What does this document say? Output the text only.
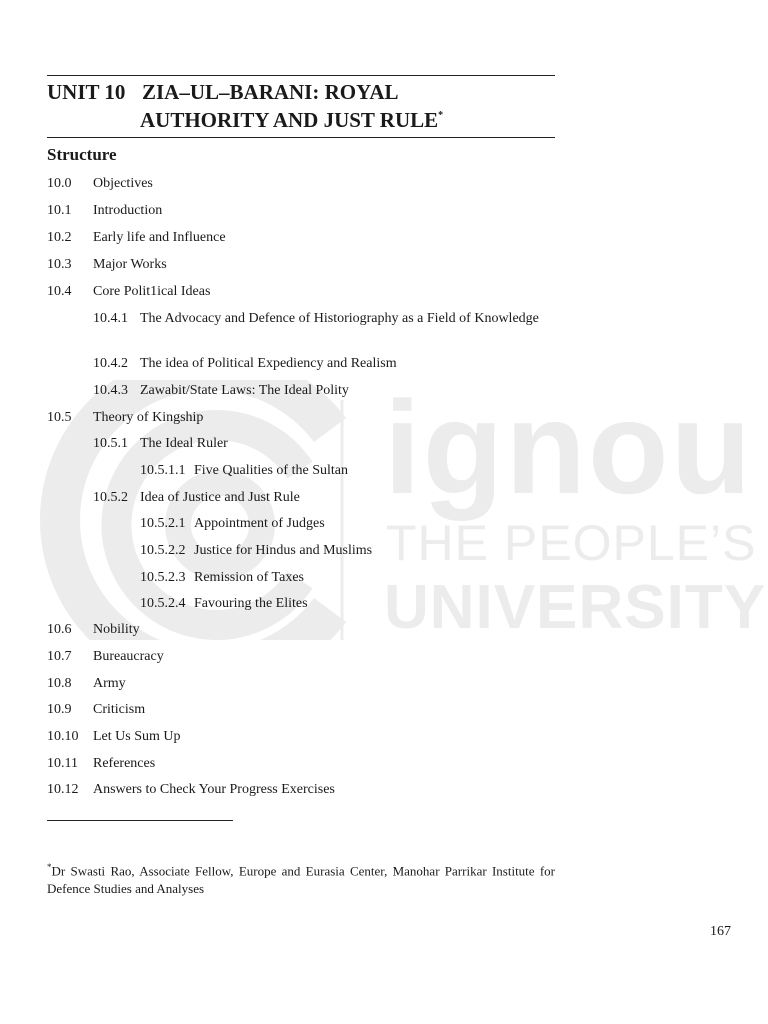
ignou
THE PEOPLE’S
UNIVERSITY
UNIT 10 ZIA–UL–BARANI: ROYAL
AUTHORITY AND JUST RULE*
Structure
10.0	Objectives
10.1	Introduction
10.2	Early life and Influence
10.3	Major Works
10.4	Core Polit1ical Ideas
10.4.1 The Advocacy and Defence of Historiography as a Field of Knowledge
10.4.2 The idea of Political Expediency and Realism
10.4.3 Zawabit/State Laws: The Ideal Polity
10.5	Theory of Kingship
10.5.1 The Ideal Ruler
10.5.1.1 Five Qualities of the Sultan
10.5.2 Idea of Justice and Just Rule
10.5.2.1 Appointment of Judges
10.5.2.2 Justice for Hindus and Muslims
10.5.2.3 Remission of Taxes
10.5.2.4 Favouring the Elites
10.6	Nobility
10.7	Bureaucracy
10.8	Army
10.9	Criticism
10.10	Let Us Sum Up
10.11	References
10.12	Answers to Check Your Progress Exercises
*Dr Swasti Rao, Associate Fellow, Europe and Eurasia Center, Manohar Parrikar Institute for Defence Studies and Analyses
167
